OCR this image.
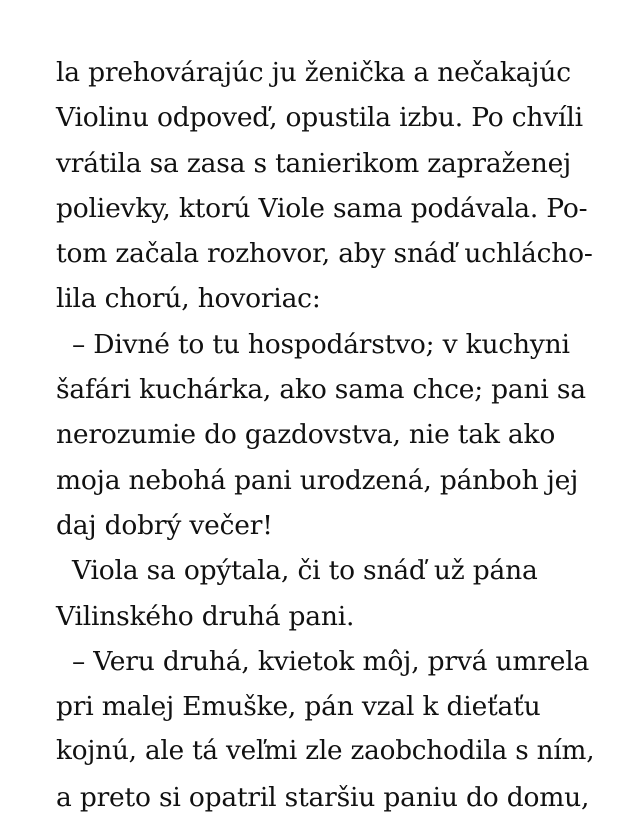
la prehovárajúc ju ženička a nečakajúc
Violinu odpoveď, opustila izbu. Po chvíli
vrátila sa zasa s tanierikom zapraženej
polievky, ktorú Viole sama podávala. Po-
tom začala rozhovor, aby snáď uchlácho-
lila chorú, hovoriac:
– Divné to tu hospodárstvo; v kuchyni
šafári kuchárka, ako sama chce; pani sa
nerozumie do gazdovstva, nie tak ako
moja nebohá pani urodzená, pánboh jej
daj dobrý večer!
Viola sa opýtala, či to snáď už pána
Vilinského druhá pani.
– Veru druhá, kvietok môj, prvá umrela
pri malej Emuške, pán vzal k dieťaťu
kojnú, ale tá veľmi zle zaobchodila s ním,
a preto si opatril staršiu paniu do domu,
